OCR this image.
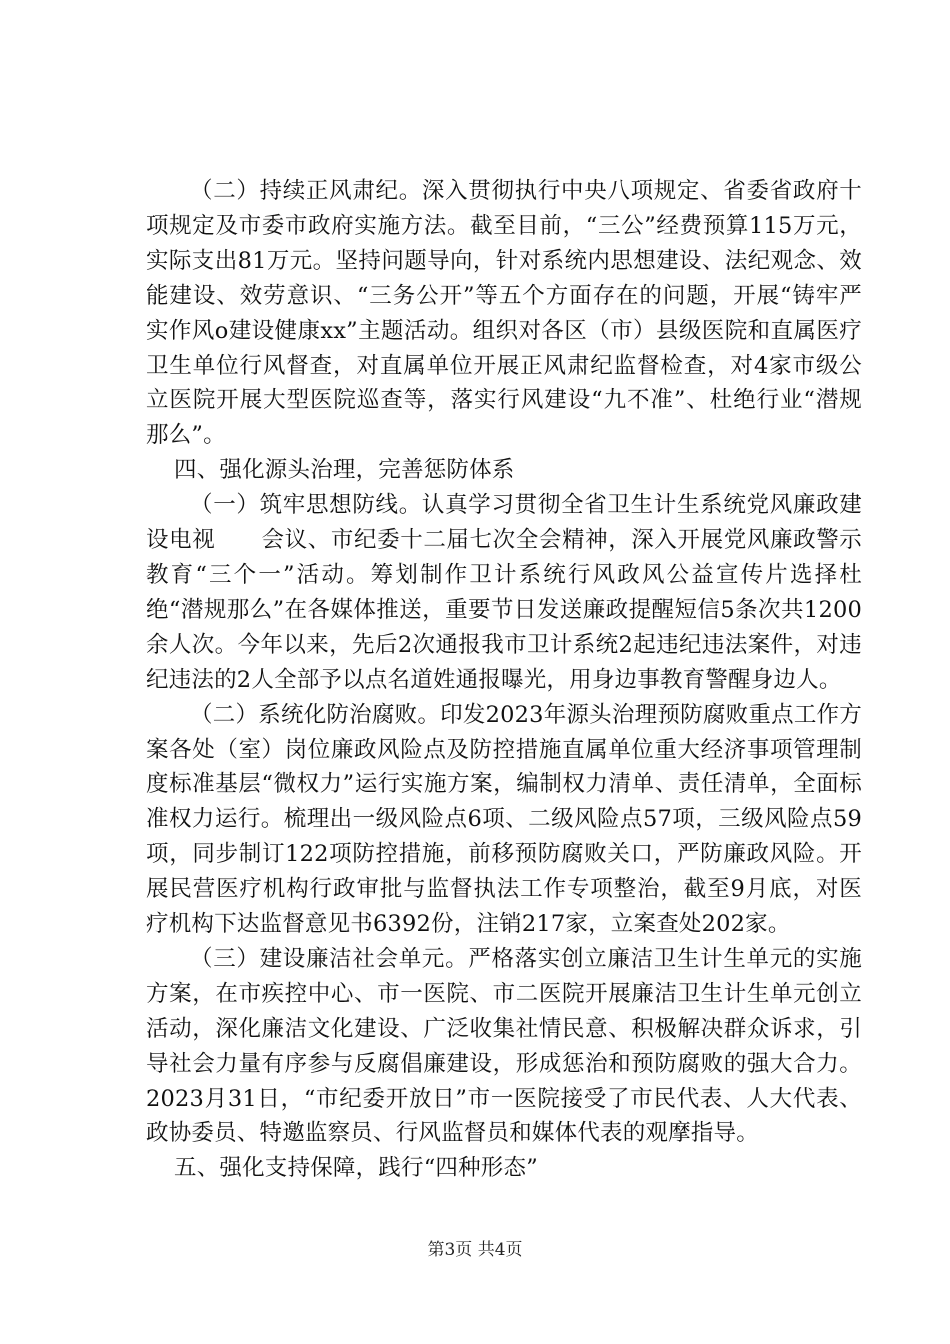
（二）持续正风肃纪。深入贯彻执行中央八项规定、省委省政府十项规定及市委市政府实施方法。截至目前，“三公”经费预算115万元，实际支出81万元。坚持问题导向，针对系统内思想建设、法纪观念、效能建设、效劳意识、“三务公开”等五个方面存在的问题，开展“铸牢严实作风o建设健康xx”主题活动。组织对各区（市）县级医院和直属医疗卫生单位行风督查，对直属单位开展正风肃纪监督检查，对4家市级公立医院开展大型医院巡查等，落实行风建设“九不准”、杜绝行业“潜规那么”。

四、强化源头治理，完善惩防体系

（一）筑牢思想防线。认真学习贯彻全省卫生计生系统党风廉政建设电视　　会议、市纪委十二届七次全会精神，深入开展党风廉政警示教育“三个一”活动。筹划制作卫计系统行风政风公益宣传片选择杜绝“潜规那么”在各媒体推送，重要节日发送廉政提醒短信5条次共1200余人次。今年以来，先后2次通报我市卫计系统2起违纪违法案件，对违纪违法的2人全部予以点名道姓通报曝光，用身边事教育警醒身边人。

（二）系统化防治腐败。印发2023年源头治理预防腐败重点工作方案各处（室）岗位廉政风险点及防控措施直属单位重大经济事项管理制度标准基层“微权力”运行实施方案，编制权力清单、责任清单，全面标准权力运行。梳理出一级风险点6项、二级风险点57项，三级风险点59项，同步制订122项防控措施，前移预防腐败关口，严防廉政风险。开展民营医疗机构行政审批与监督执法工作专项整治，截至9月底，对医疗机构下达监督意见书6392份，注销217家，立案查处202家。

（三）建设廉洁社会单元。严格落实创立廉洁卫生计生单元的实施方案，在市疾控中心、市一医院、市二医院开展廉洁卫生计生单元创立活动，深化廉洁文化建设、广泛收集社情民意、积极解决群众诉求，引导社会力量有序参与反腐倡廉建设，形成惩治和预防腐败的强大合力。2023月31日，“市纪委开放日”市一医院接受了市民代表、人大代表、政协委员、特邀监察员、行风监督员和媒体代表的观摩指导。

五、强化支持保障，践行“四种形态”

第3页 共4页
